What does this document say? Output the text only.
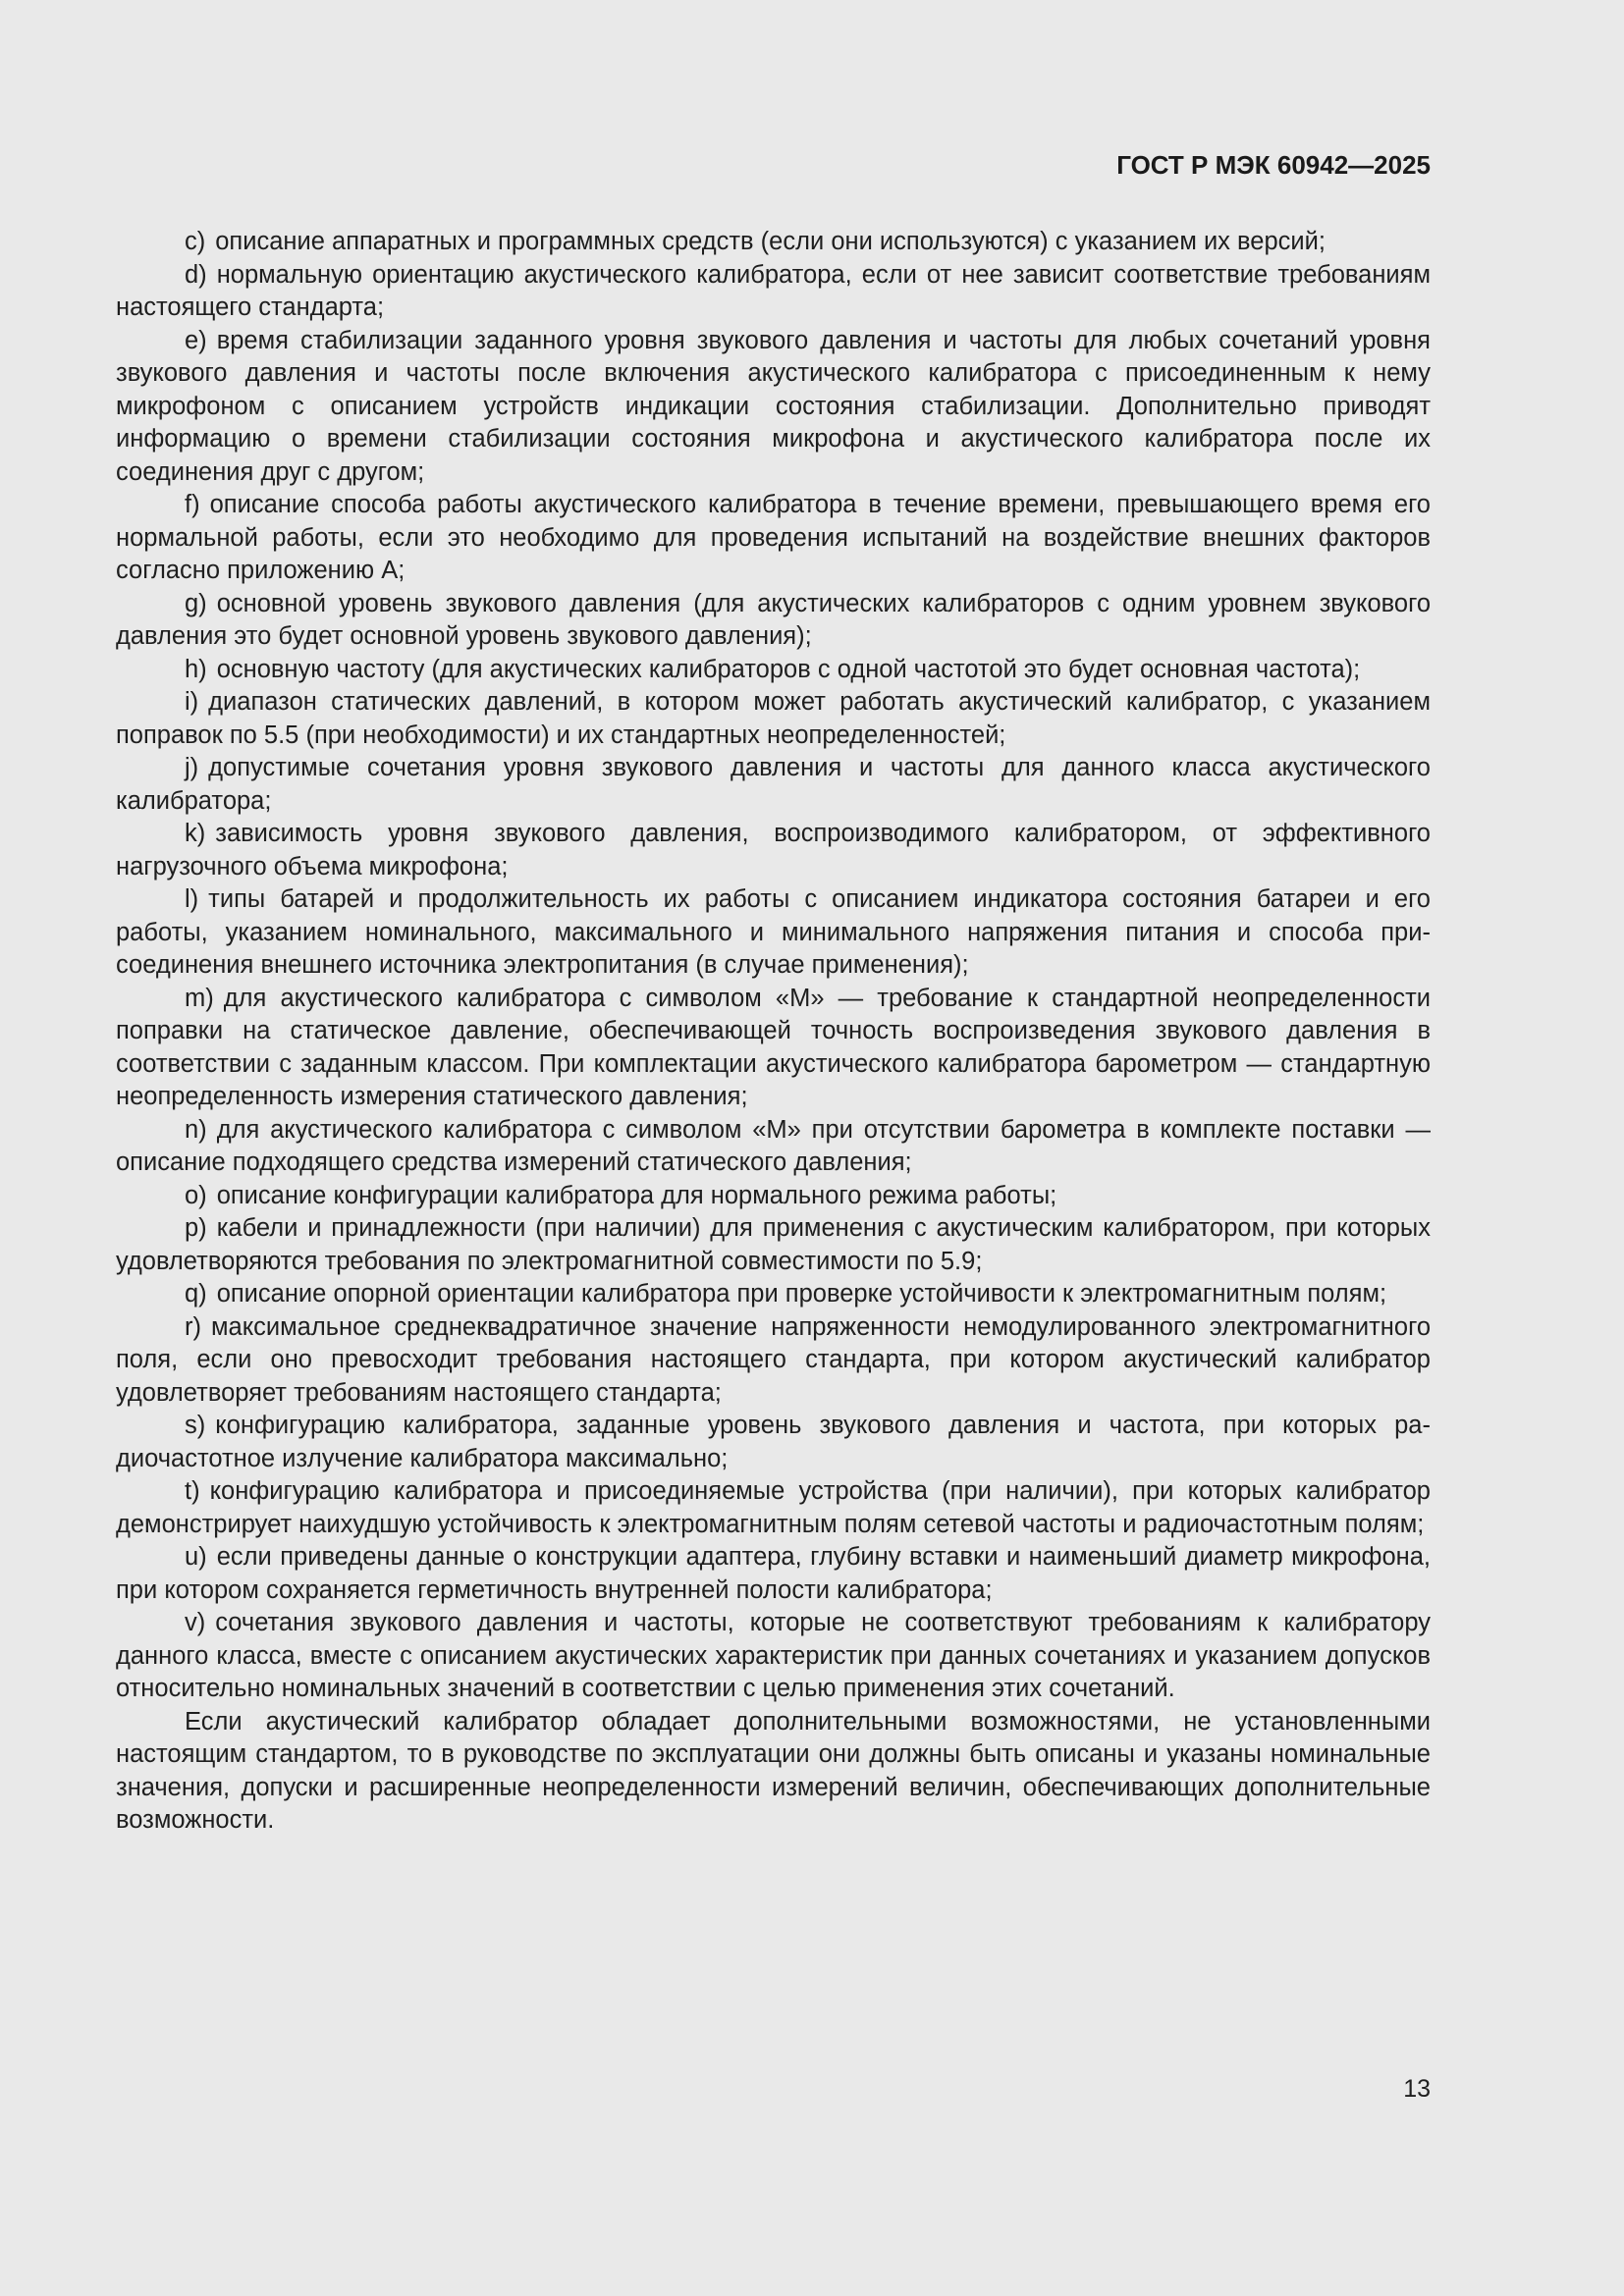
ГОСТ Р МЭК 60942—2025

c) описание аппаратных и программных средств (если они используются) с указанием их версий;

d) нормальную ориентацию акустического калибратора, если от нее зависит соответствие требованиям настоящего стандарта;

e) время стабилизации заданного уровня звукового давления и частоты для любых сочетаний уровня звукового давления и частоты после включения акустического калибратора с присоединенным к нему микрофоном с описанием устройств индикации состояния стабилизации. Дополнительно приводят информацию о времени стабилизации состояния микрофона и акустического калибратора после их соединения друг с другом;

f) описание способа работы акустического калибратора в течение времени, превышающего время его нормальной работы, если это необходимо для проведения испытаний на воздействие внешних факторов согласно приложению А;

g) основной уровень звукового давления (для акустических калибраторов с одним уровнем звукового давления это будет основной уровень звукового давления);

h) основную частоту (для акустических калибраторов с одной частотой это будет основная частота);

i) диапазон статических давлений, в котором может работать акустический калибратор, с указанием поправок по 5.5 (при необходимости) и их стандартных неопределенностей;

j) допустимые сочетания уровня звукового давления и частоты для данного класса акустического калибратора;

k) зависимость уровня звукового давления, воспроизводимого калибратором, от эффективного нагрузочного объема микрофона;

l) типы батарей и продолжительность их работы с описанием индикатора состояния батареи и его работы, указанием номинального, максимального и минимального напряжения питания и способа присоединения внешнего источника электропитания (в случае применения);

m) для акустического калибратора с символом «М» — требование к стандартной неопределенности поправки на статическое давление, обеспечивающей точность воспроизведения звукового давления в соответствии с заданным классом. При комплектации акустического калибратора барометром — стандартную неопределенность измерения статического давления;

n) для акустического калибратора с символом «М» при отсутствии барометра в комплекте поставки — описание подходящего средства измерений статического давления;

o) описание конфигурации калибратора для нормального режима работы;

p) кабели и принадлежности (при наличии) для применения с акустическим калибратором, при которых удовлетворяются требования по электромагнитной совместимости по 5.9;

q) описание опорной ориентации калибратора при проверке устойчивости к электромагнитным полям;

r) максимальное среднеквадратичное значение напряженности немодулированного электромагнитного поля, если оно превосходит требования настоящего стандарта, при котором акустический калибратор удовлетворяет требованиям настоящего стандарта;

s) конфигурацию калибратора, заданные уровень звукового давления и частота, при которых радиочастотное излучение калибратора максимально;

t) конфигурацию калибратора и присоединяемые устройства (при наличии), при которых калибратор демонстрирует наихудшую устойчивость к электромагнитным полям сетевой частоты и радиочастотным полям;

u) если приведены данные о конструкции адаптера, глубину вставки и наименьший диаметр микрофона, при котором сохраняется герметичность внутренней полости калибратора;

v) сочетания звукового давления и частоты, которые не соответствуют требованиям к калибратору данного класса, вместе с описанием акустических характеристик при данных сочетаниях и указанием допусков относительно номинальных значений в соответствии с целью применения этих сочетаний.

Если акустический калибратор обладает дополнительными возможностями, не установленными настоящим стандартом, то в руководстве по эксплуатации они должны быть описаны и указаны номинальные значения, допуски и расширенные неопределенности измерений величин, обеспечивающих дополнительные возможности.

13
